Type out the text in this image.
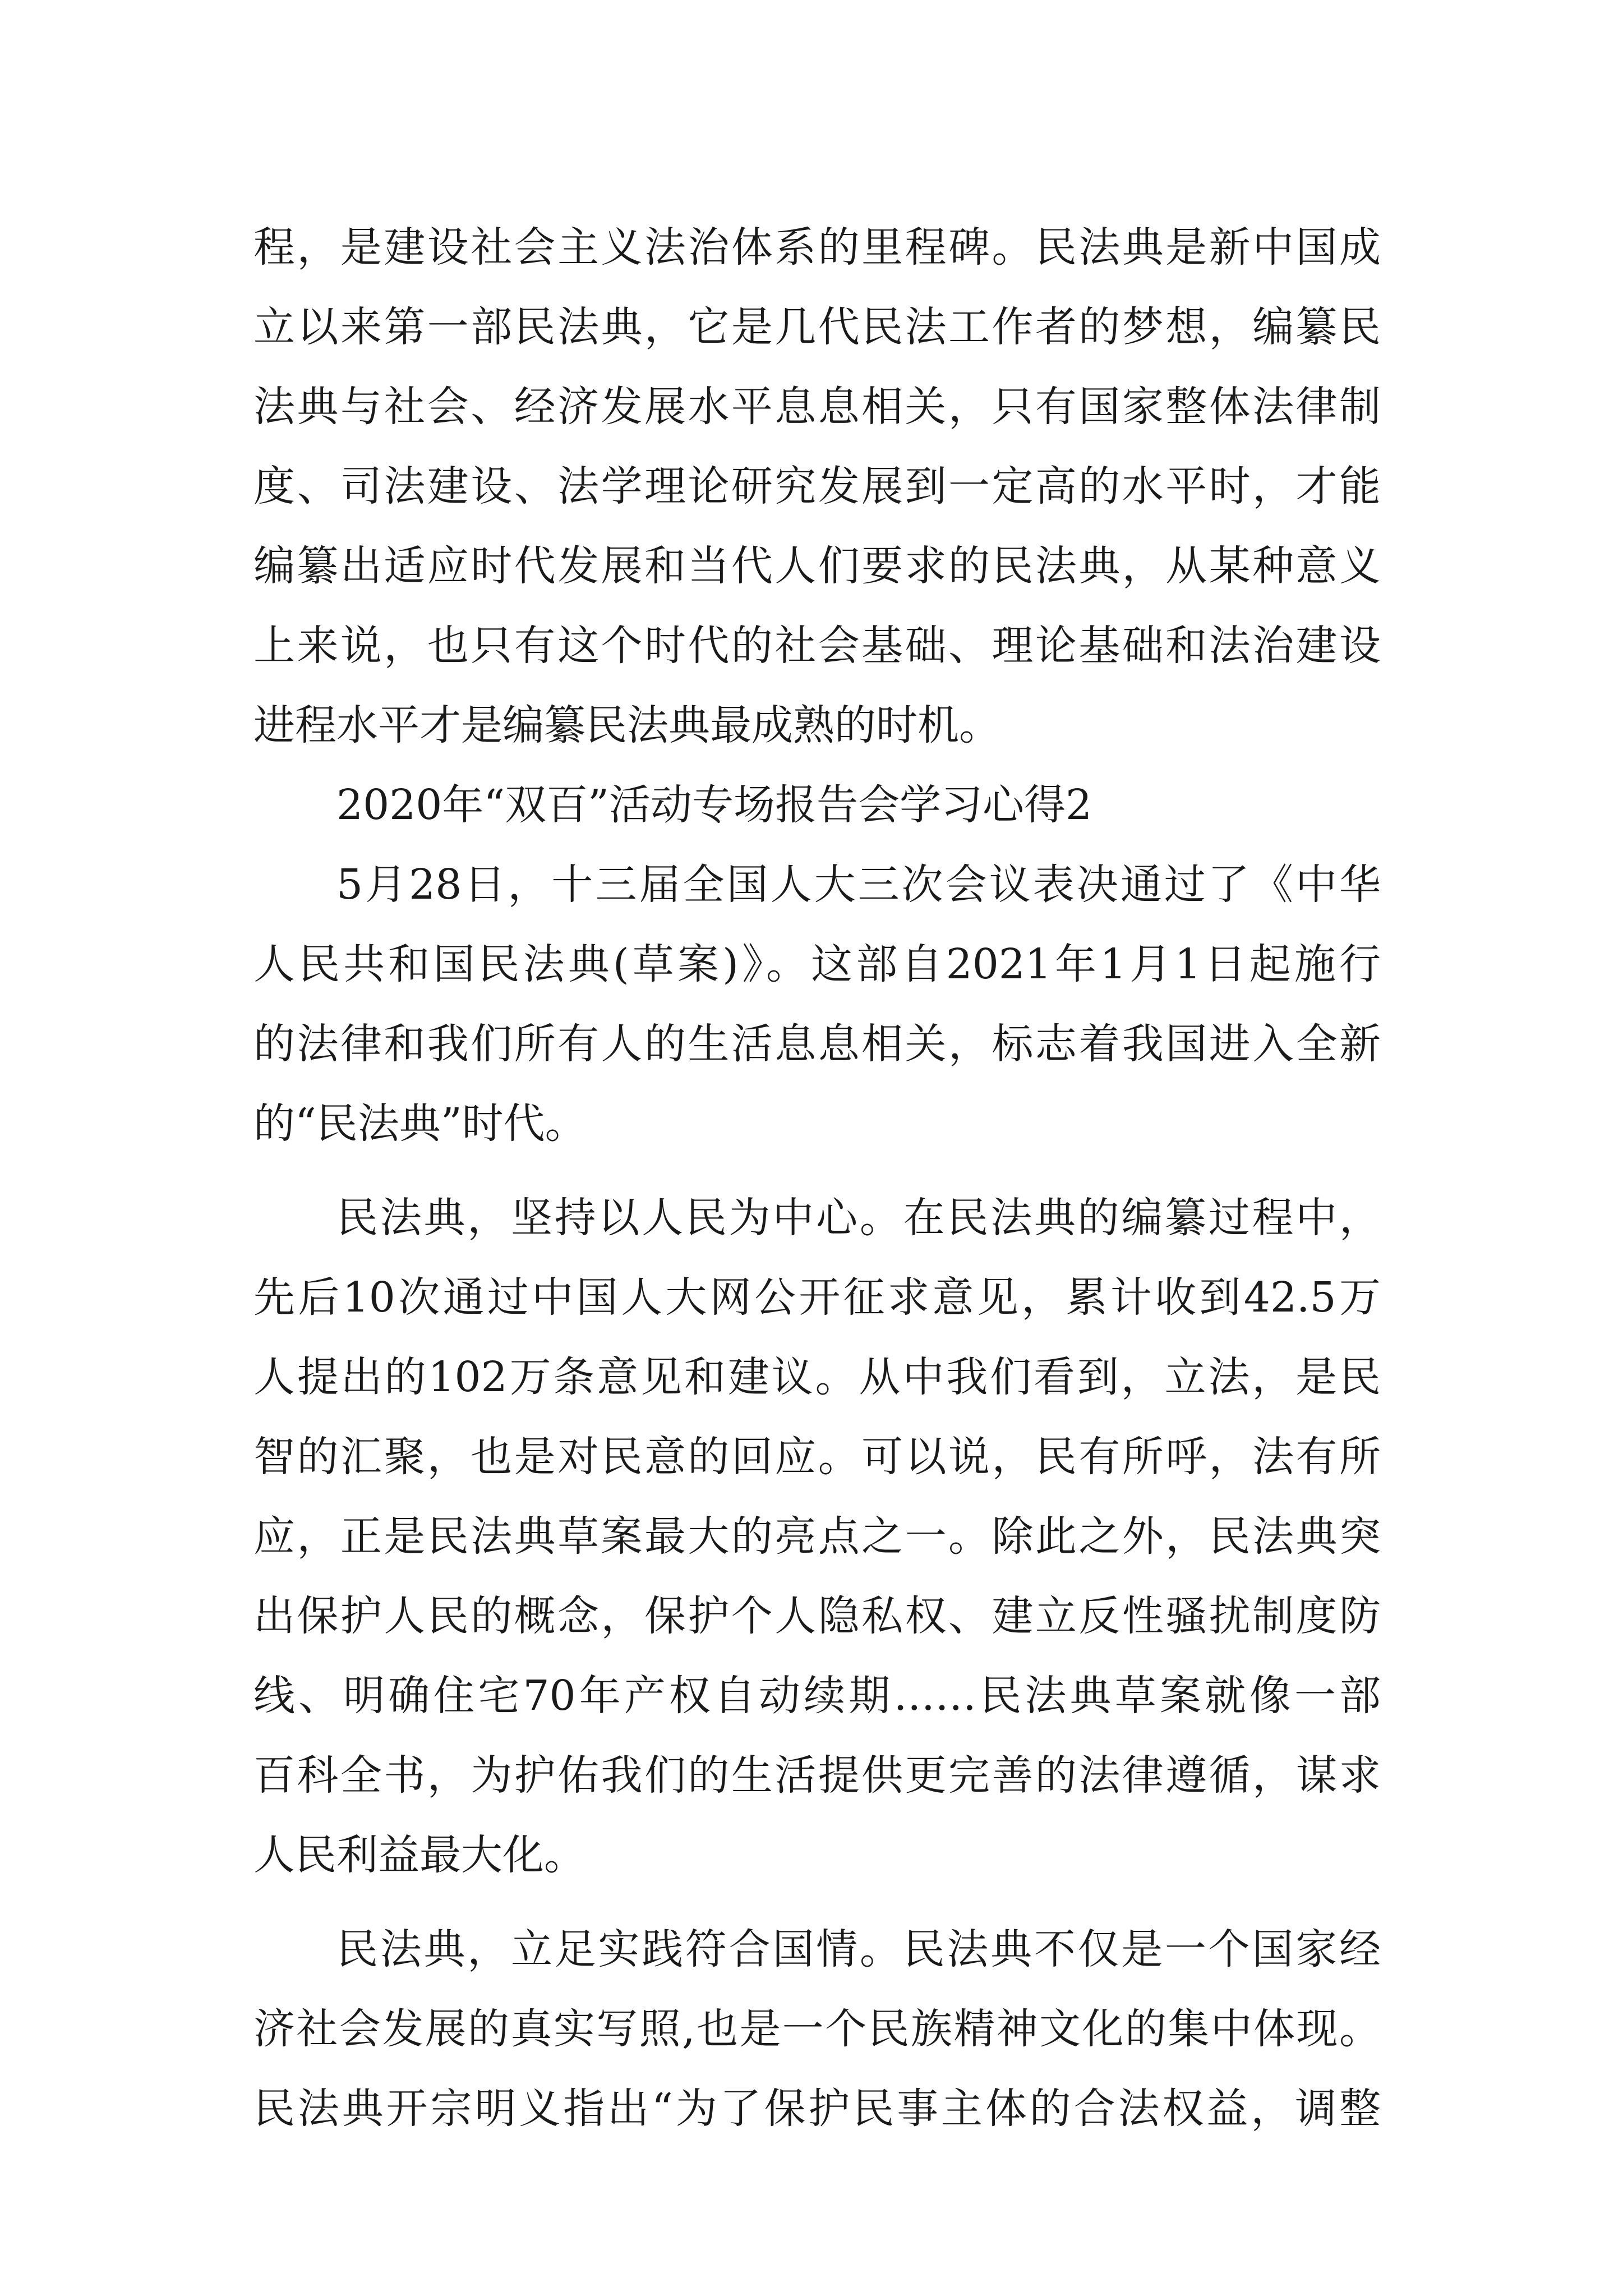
程，是建设社会主义法治体系的里程碑。民法典是新中国成
立以来第一部民法典，它是几代民法工作者的梦想，编纂民
法典与社会、经济发展水平息息相关，只有国家整体法律制
度、司法建设、法学理论研究发展到一定高的水平时，才能
编纂出适应时代发展和当代人们要求的民法典，从某种意义
上来说，也只有这个时代的社会基础、理论基础和法治建设
进程水平才是编纂民法典最成熟的时机。
2020年“双百”活动专场报告会学习心得2
5月28日，十三届全国人大三次会议表决通过了《中华
人民共和国民法典(草案)》。这部自2021年1月1日起施行
的法律和我们所有人的生活息息相关，标志着我国进入全新
的“民法典”时代。
民法典，坚持以人民为中心。在民法典的编纂过程中，
先后10次通过中国人大网公开征求意见，累计收到42.5万
人提出的102万条意见和建议。从中我们看到，立法，是民
智的汇聚，也是对民意的回应。可以说，民有所呼，法有所
应，正是民法典草案最大的亮点之一。除此之外，民法典突
出保护人民的概念，保护个人隐私权、建立反性骚扰制度防
线、明确住宅70年产权自动续期……民法典草案就像一部
百科全书，为护佑我们的生活提供更完善的法律遵循，谋求
人民利益最大化。
民法典，立足实践符合国情。民法典不仅是一个国家经
济社会发展的真实写照,也是一个民族精神文化的集中体现。
民法典开宗明义指出“为了保护民事主体的合法权益，调整
